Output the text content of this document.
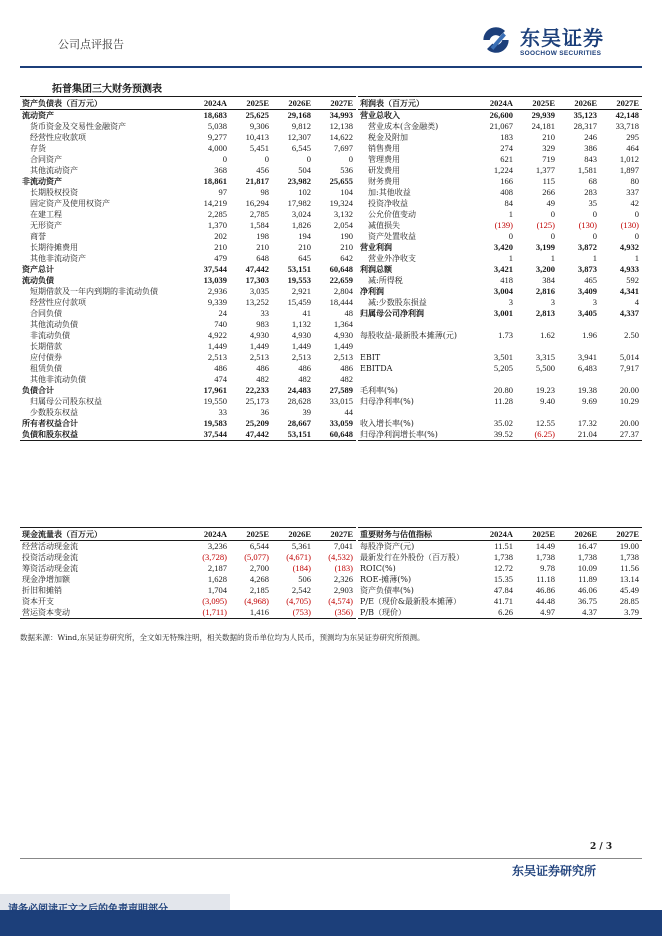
公司点评报告	东吴证券
SOOCHOW SECURITIES
拓普集团三大财务预测表
资产负债表（百万元）	2024A	2025E	2026E	2027E
流动资产	18,683	25,625	29,168	34,993
货币资金及交易性金融资产	5,038	9,306	9,812	12,138
经营性应收款项	9,277	10,413	12,307	14,622
存货	4,000	5,451	6,545	7,697
合同资产	0	0	0	0
其他流动资产	368	456	504	536
非流动资产	18,861	21,817	23,982	25,655
长期股权投资	97	98	102	104
固定资产及使用权资产	14,219	16,294	17,982	19,324
在建工程	2,285	2,785	3,024	3,132
无形资产	1,370	1,584	1,826	2,054
商誉	202	198	194	190
长期待摊费用	210	210	210	210
其他非流动资产	479	648	645	642
资产总计	37,544	47,442	53,151	60,648
流动负债	13,039	17,303	19,553	22,659
短期借款及一年内到期的非流动负债	2,936	3,035	2,921	2,804
经营性应付款项	9,339	13,252	15,459	18,444
合同负债	24	33	41	48
其他流动负债	740	983	1,132	1,364
非流动负债	4,922	4,930	4,930	4,930
长期借款	1,449	1,449	1,449	1,449
应付债券	2,513	2,513	2,513	2,513
租赁负债	486	486	486	486
其他非流动负债	474	482	482	482
负债合计	17,961	22,233	24,483	27,589
归属母公司股东权益	19,550	25,173	28,628	33,015
少数股东权益	33	36	39	44
所有者权益合计	19,583	25,209	28,667	33,059
负债和股东权益	37,544	47,442	53,151	60,648
利润表（百万元）	2024A	2025E	2026E	2027E
营业总收入	26,600	29,939	35,123	42,148
营业成本(含金融类)	21,067	24,181	28,317	33,718
税金及附加	183	210	246	295
销售费用	274	329	386	464
管理费用	621	719	843	1,012
研发费用	1,224	1,377	1,581	1,897
财务费用	166	115	68	80
加:其他收益	408	266	283	337
投资净收益	84	49	35	42
公允价值变动	1	0	0	0
减值损失	(139)	(125)	(130)	(130)
资产处置收益	0	0	0	0
营业利润	3,420	3,199	3,872	4,932
营业外净收支	1	1	1	1
利润总额	3,421	3,200	3,873	4,933
减:所得税	418	384	465	592
净利润	3,004	2,816	3,409	4,341
减:少数股东损益	3	3	3	4
归属母公司净利润	3,001	2,813	3,405	4,337

每股收益-最新股本摊薄(元)	1.73	1.62	1.96	2.50

EBIT	3,501	3,315	3,941	5,014
EBITDA	5,205	5,500	6,483	7,917

毛利率(%)	20.80	19.23	19.38	20.00
归母净利率(%)	11.28	9.40	9.69	10.29

收入增长率(%)	35.02	12.55	17.32	20.00
归母净利润增长率(%)	39.52	(6.25)	21.04	27.37
现金流量表（百万元）	2024A	2025E	2026E	2027E
经营活动现金流	3,236	6,544	5,361	7,041
投资活动现金流	(3,728)	(5,077)	(4,671)	(4,532)
筹资活动现金流	2,187	2,700	(184)	(183)
现金净增加额	1,628	4,268	506	2,326
折旧和摊销	1,704	2,185	2,542	2,903
资本开支	(3,095)	(4,968)	(4,705)	(4,574)
营运资本变动	(1,711)	1,416	(753)	(356)
重要财务与估值指标	2024A	2025E	2026E	2027E
每股净资产(元)	11.51	14.49	16.47	19.00
最新发行在外股份（百万股）	1,738	1,738	1,738	1,738
ROIC(%)	12.72	9.78	10.09	11.56
ROE-摊薄(%)	15.35	11.18	11.89	13.14
资产负债率(%)	47.84	46.86	46.06	45.49
P/E（现价&最新股本摊薄）	41.71	44.48	36.75	28.85
P/B（现价）	6.26	4.97	4.37	3.79
数据来源：Wind,东吴证券研究所，全文如无特殊注明，相关数据的货币单位均为人民币，预测均为东吴证券研究所预测。
2 / 3
东吴证券研究所
请务必阅读正文之后的免责声明部分
